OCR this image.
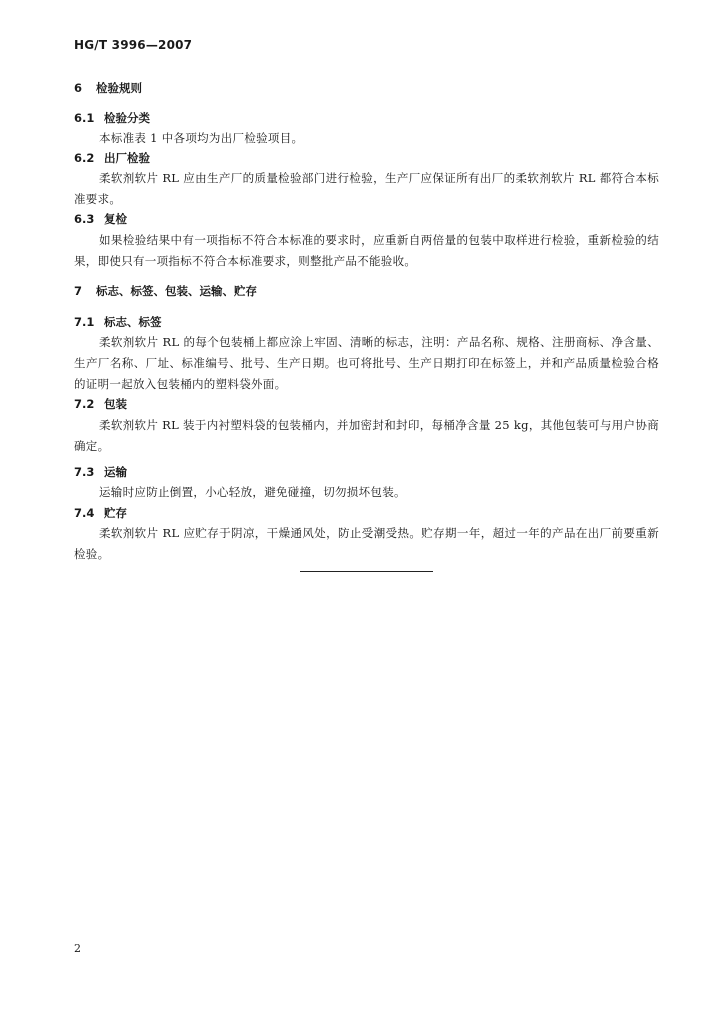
HG/T 3996—2007
6 检验规则
6.1 检验分类
本标准表 1 中各项均为出厂检验项目。
6.2 出厂检验
柔软剂软片 RL 应由生产厂的质量检验部门进行检验，生产厂应保证所有出厂的柔软剂软片 RL 都符合本标准要求。
6.3 复检
如果检验结果中有一项指标不符合本标准的要求时，应重新自两倍量的包装中取样进行检验，重新检验的结果，即使只有一项指标不符合本标准要求，则整批产品不能验收。
7 标志、标签、包装、运输、贮存
7.1 标志、标签
柔软剂软片 RL 的每个包装桶上都应涂上牢固、清晰的标志，注明：产品名称、规格、注册商标、净含量、生产厂名称、厂址、标准编号、批号、生产日期。也可将批号、生产日期打印在标签上，并和产品质量检验合格的证明一起放入包装桶内的塑料袋外面。
7.2 包装
柔软剂软片 RL 装于内衬塑料袋的包装桶内，并加密封和封印，每桶净含量 25 kg，其他包装可与用户协商确定。
7.3 运输
运输时应防止倒置，小心轻放，避免碰撞，切勿损坏包装。
7.4 贮存
柔软剂软片 RL 应贮存于阴凉，干燥通风处，防止受潮受热。贮存期一年，超过一年的产品在出厂前要重新检验。
2
